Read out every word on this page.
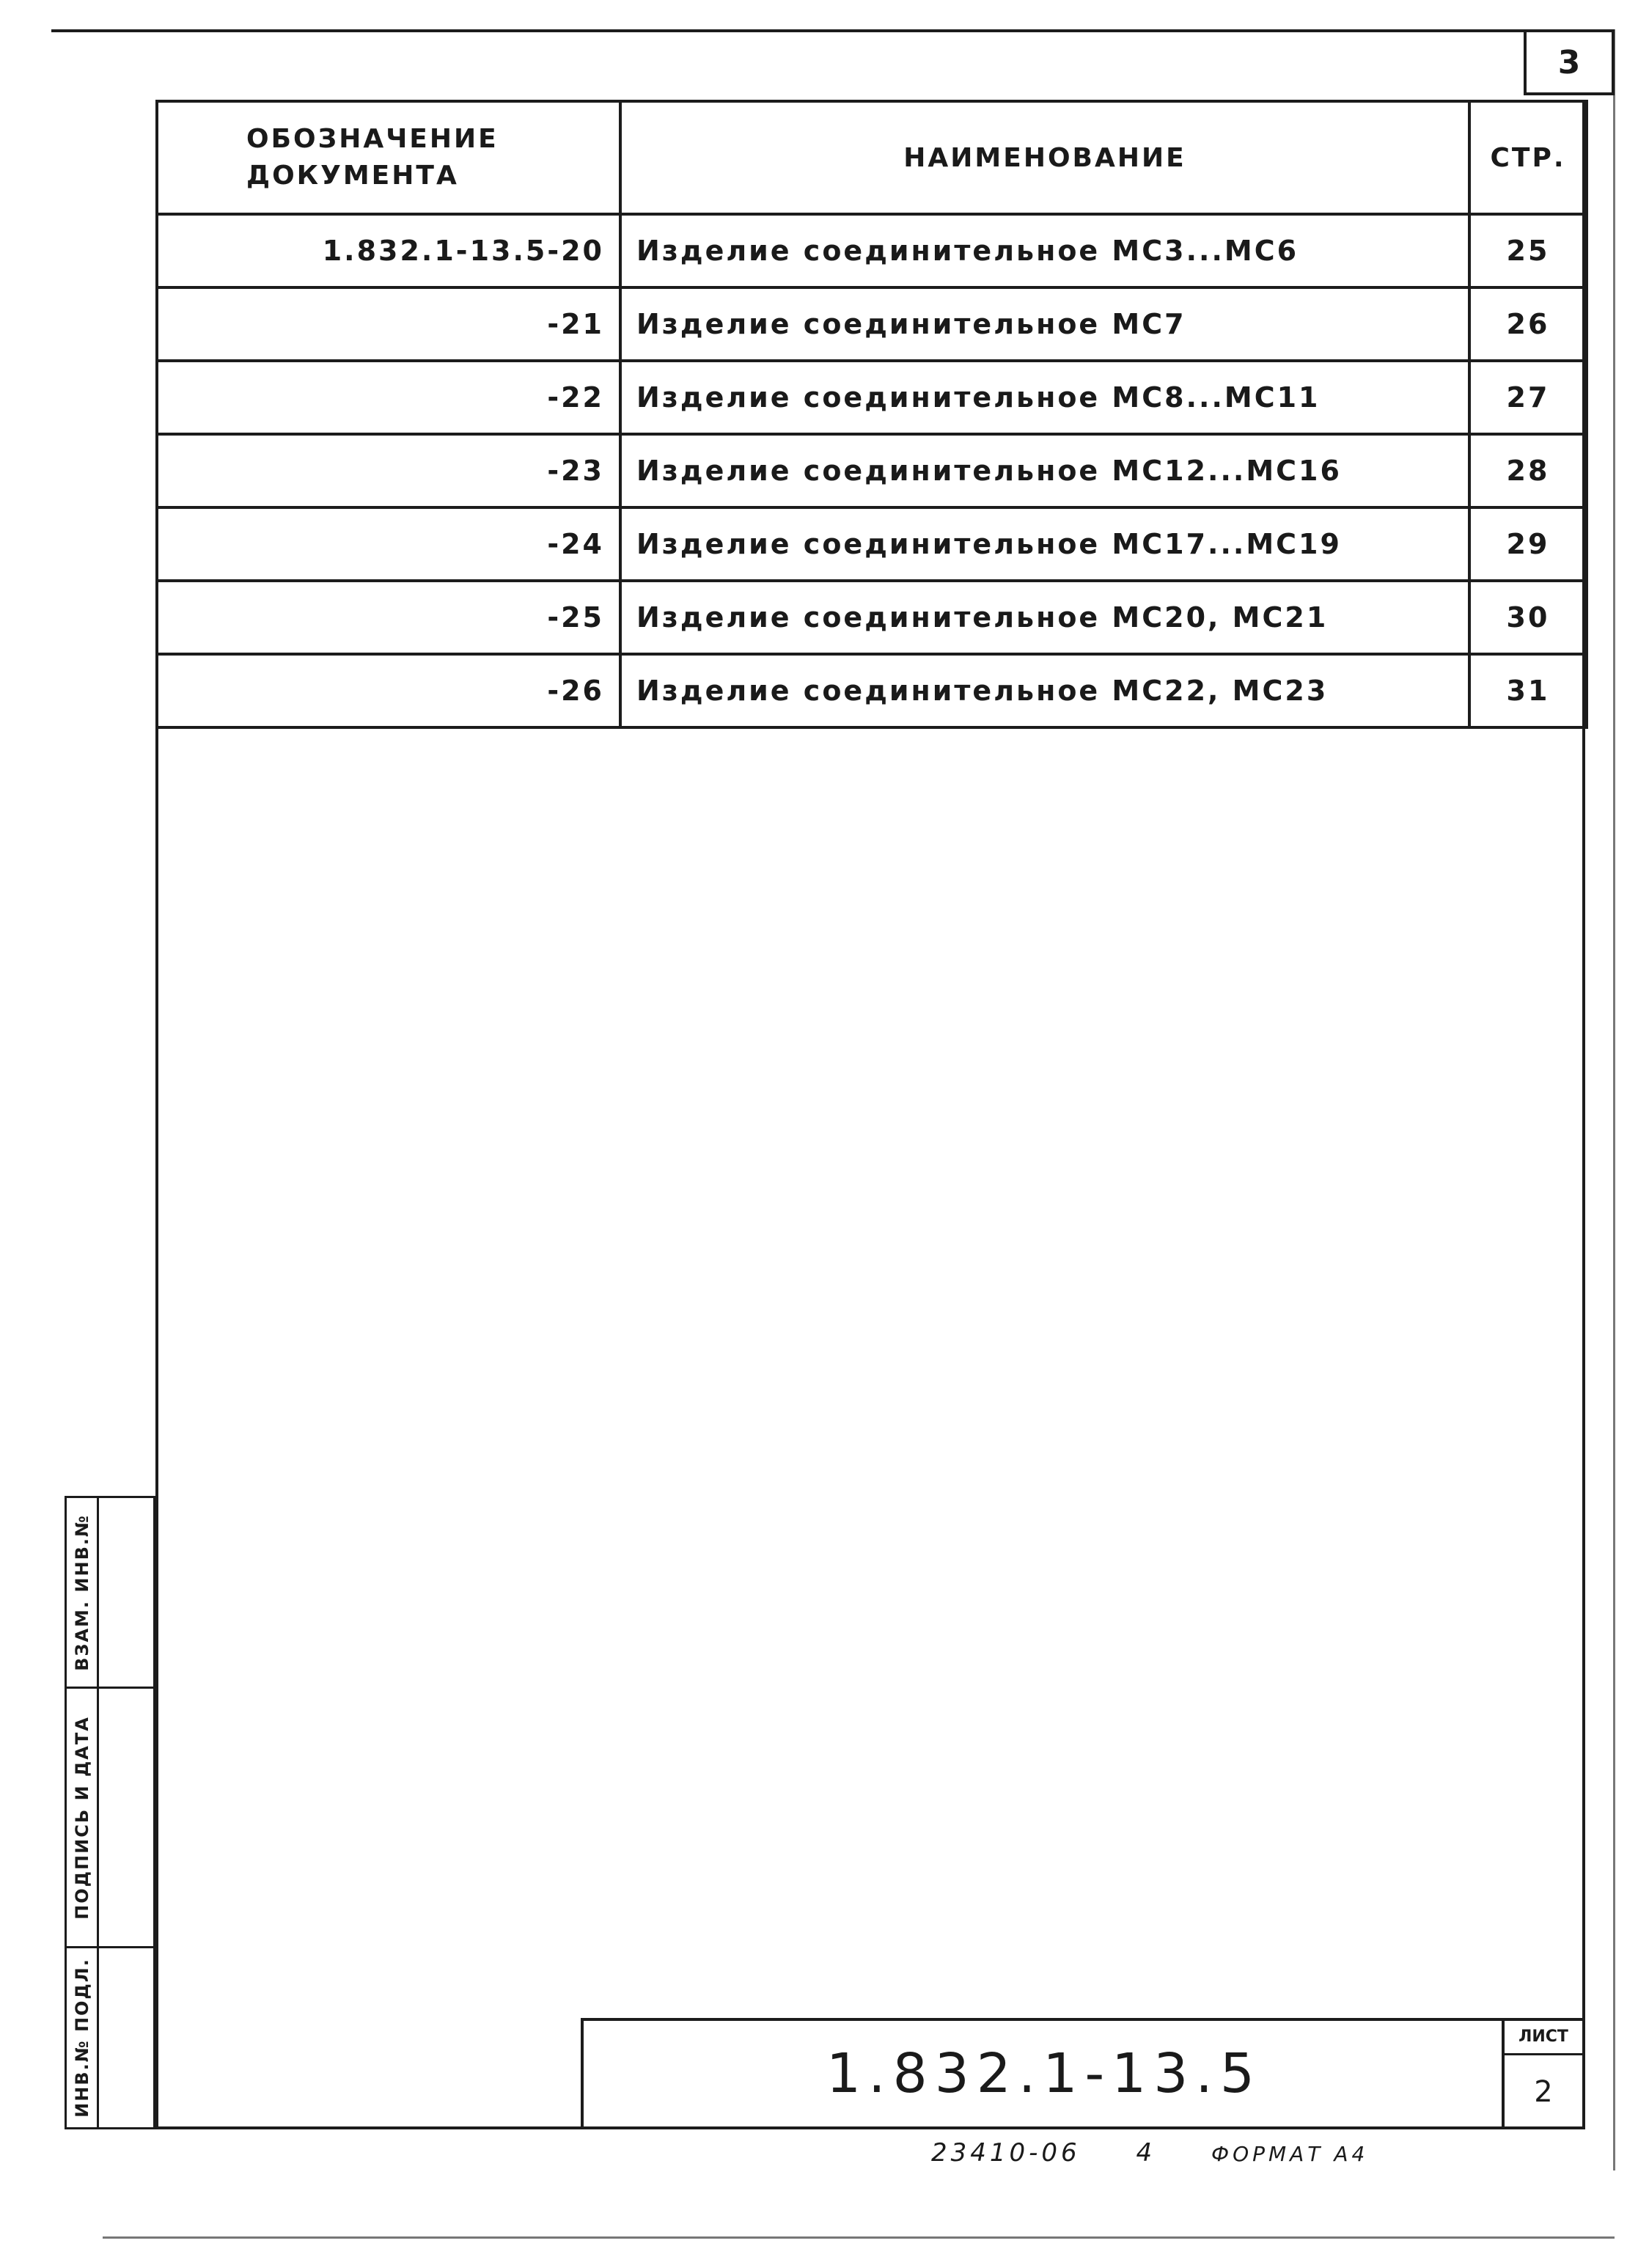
3
ОБОЗНАЧЕНИЕ ДОКУМЕНТА	НАИМЕНОВАНИЕ	СТР.
1.832.1-13.5-20	Изделие соединительное МС3...МС6	25
-21	Изделие соединительное МС7	26
-22	Изделие соединительное МС8...МС11	27
-23	Изделие соединительное МС12...МС16	28
-24	Изделие соединительное МС17...МС19	29
-25	Изделие соединительное МС20, МС21	30
-26	Изделие соединительное МС22, МС23	31
ВЗАМ. ИНВ.№
ПОДПИСЬ И ДАТА
ИНВ.№ ПОДЛ.	1.832.1-13.5
ЛИСТ
2
23410-06 4	ФОРМАТ А4
